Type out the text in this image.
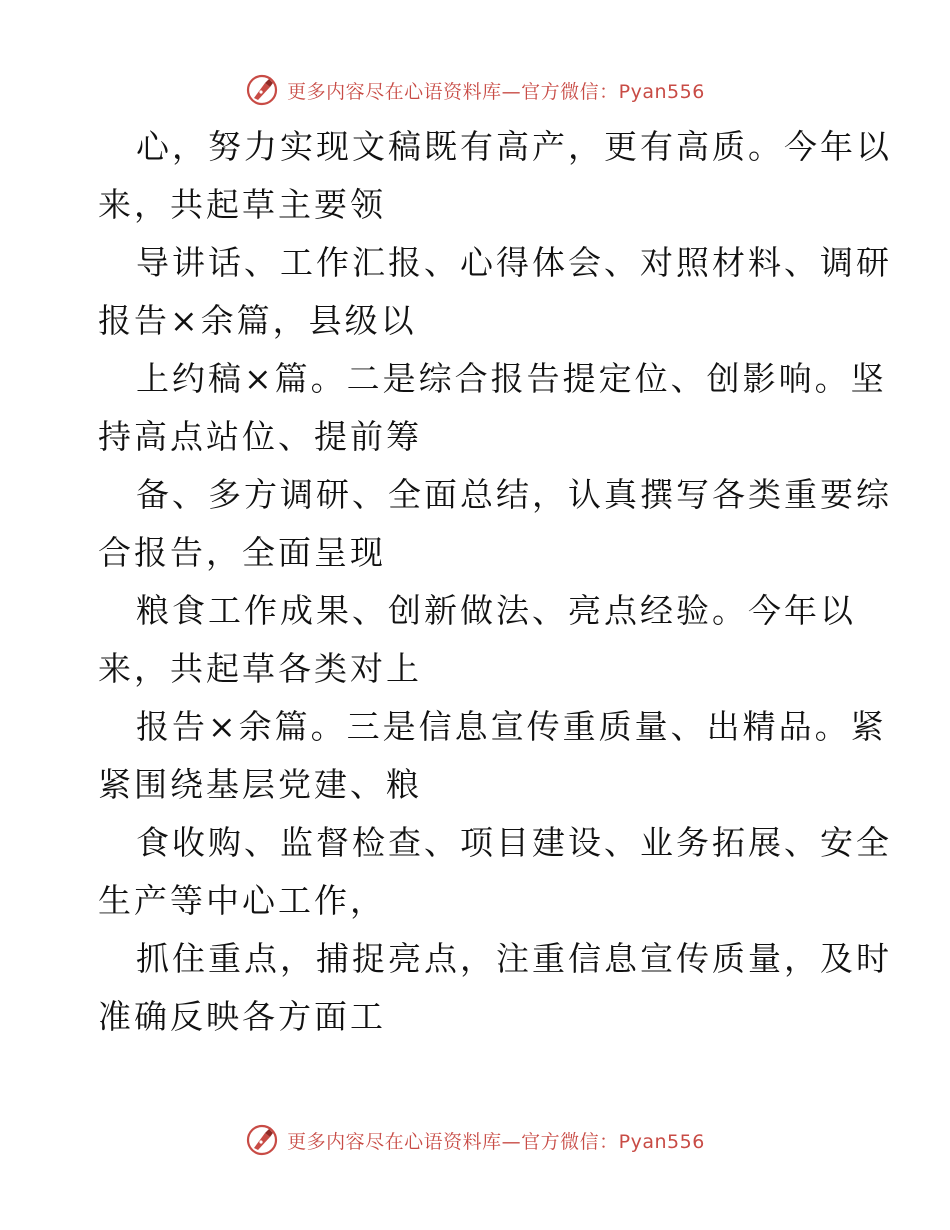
更多内容尽在心语资料库—官方微信：Pyan556
心，努力实现文稿既有高产，更有高质。今年以
来，共起草主要领
导讲话、工作汇报、心得体会、对照材料、调研
报告×余篇，县级以
上约稿×篇。二是综合报告提定位、创影响。坚
持高点站位、提前筹
备、多方调研、全面总结，认真撰写各类重要综
合报告，全面呈现
粮食工作成果、创新做法、亮点经验。今年以
来，共起草各类对上
报告×余篇。三是信息宣传重质量、出精品。紧
紧围绕基层党建、粮
食收购、监督检查、项目建设、业务拓展、安全
生产等中心工作，
抓住重点，捕捉亮点，注重信息宣传质量，及时
准确反映各方面工
更多内容尽在心语资料库—官方微信：Pyan556
